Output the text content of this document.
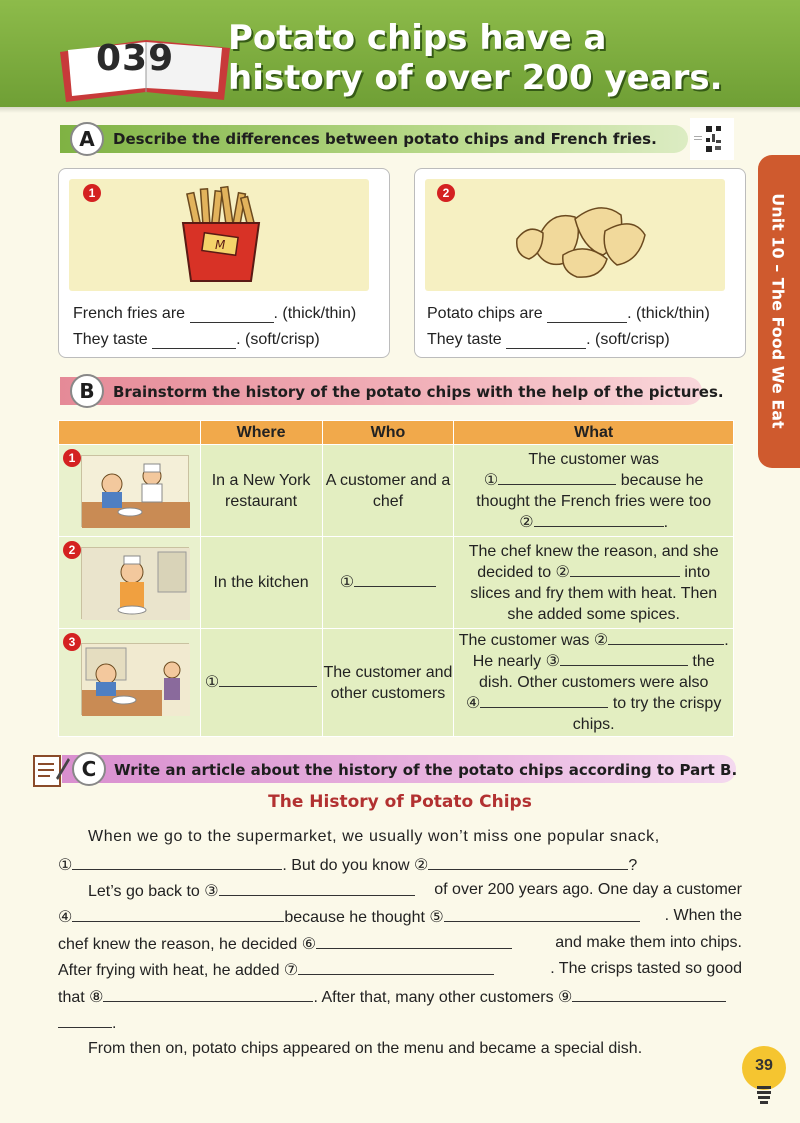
039 Potato chips have a
history of over 200 years.
Unit 10 – The Food We Eat
A	Describe the differences between potato chips and French fries.
M
1
French fries are	. (thick/thin)
They taste	. (soft/crisp)
2
Potato chips are	. (thick/thin)
They taste	. (soft/crisp)
B	Brainstorm the history of the potato chips with the help of the pictures.
	Where	Who	What

1	In a New York restaurant	A customer and a chef	The customer was
① because he
thought the French fries were too
② .

2	In the kitchen	①	The chef knew the reason, and she
decided to ② into
slices and fry them with heat. Then
she added some spices.

3	①	The customer and other customers	The customer was ② .
He nearly ③ the
dish. Other customers were also
④ to try the crispy
chips.
C	Write an article about the history of the potato chips according to Part B.
The History of Potato Chips
When we go to the supermarket, we usually won’t miss one popular snack,
①	. But do you know ②	?
Let’s go back to ③	of over 200 years ago. One day a customer
④	because he thought ⑤	. When the
chef knew the reason, he decided ⑥	and make them into chips.
After frying with heat, he added ⑦	. The crisps tasted so good
that ⑧	. After that, many other customers ⑨
.
From then on, potato chips appeared on the menu and became a special dish.
39
